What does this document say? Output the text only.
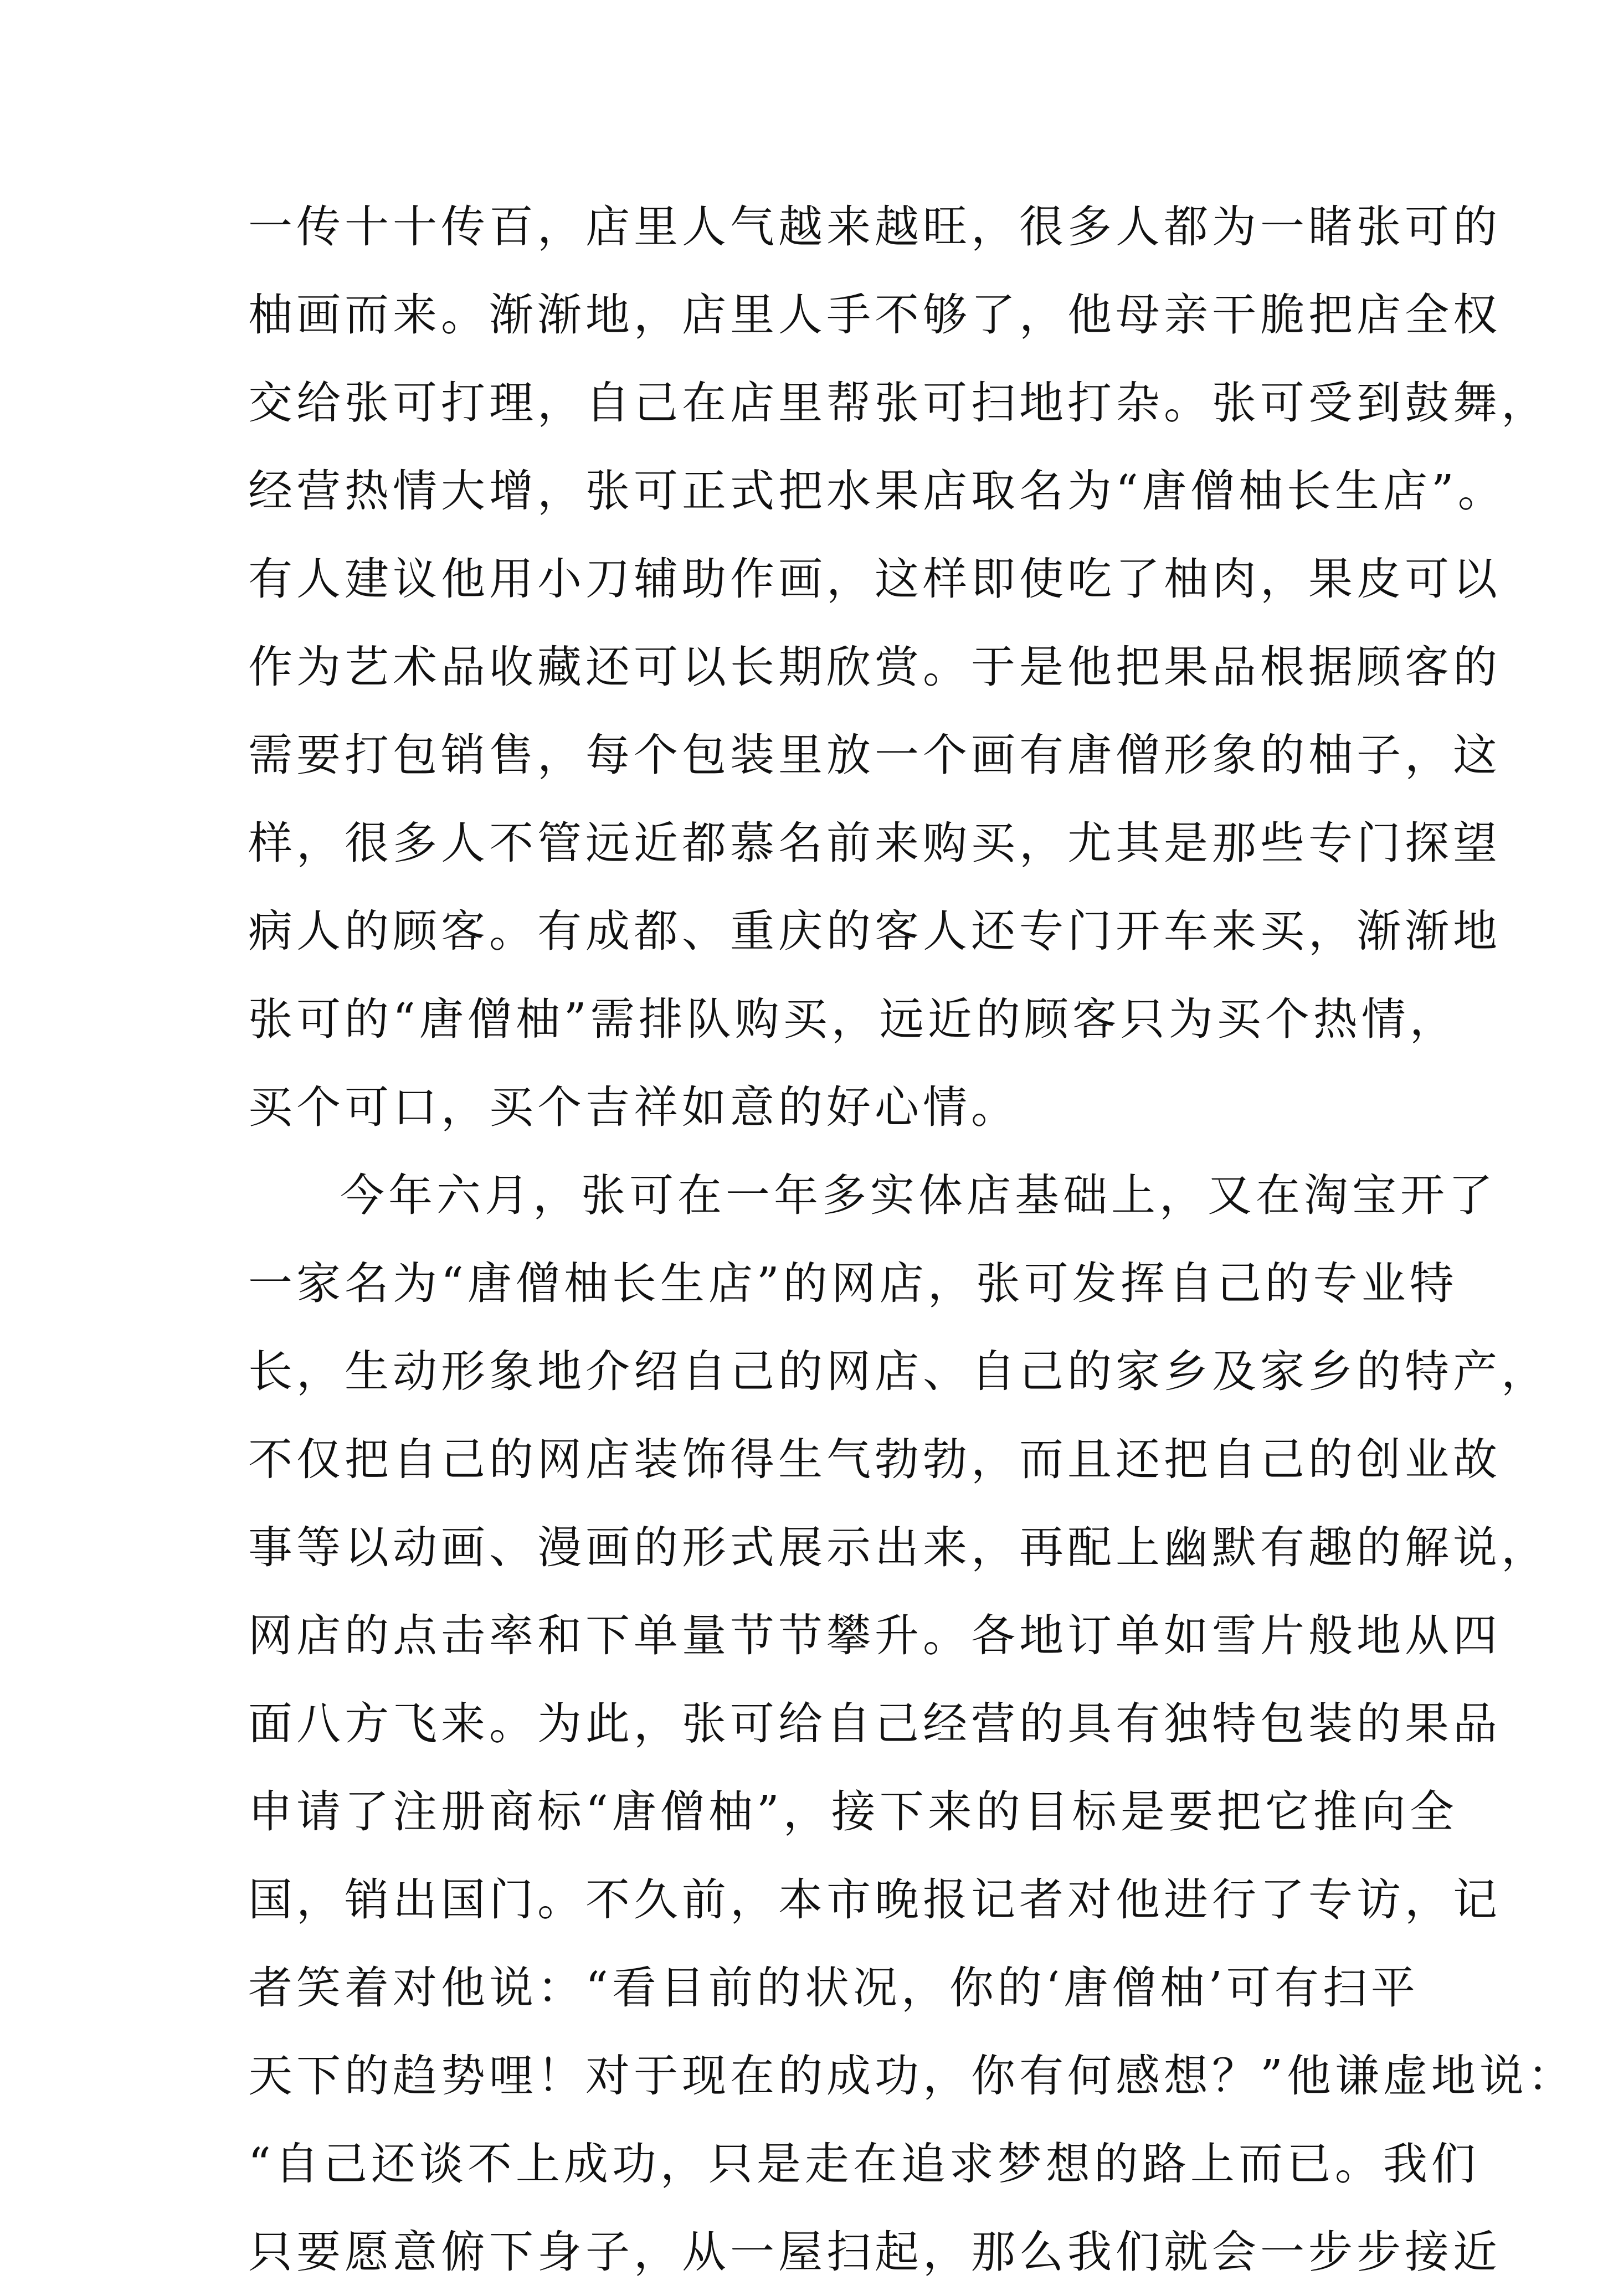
一传十十传百，店里人气越来越旺，很多人都为一睹张可的
柚画而来。渐渐地，店里人手不够了，他母亲干脆把店全权
交给张可打理，自己在店里帮张可扫地打杂。张可受到鼓舞，
经营热情大增，张可正式把水果店取名为“唐僧柚长生店”。
有人建议他用小刀辅助作画，这样即使吃了柚肉，果皮可以
作为艺术品收藏还可以长期欣赏。于是他把果品根据顾客的
需要打包销售，每个包装里放一个画有唐僧形象的柚子，这
样，很多人不管远近都慕名前来购买，尤其是那些专门探望
病人的顾客。有成都、重庆的客人还专门开车来买，渐渐地
张可的“唐僧柚”需排队购买，远近的顾客只为买个热情，
买个可口，买个吉祥如意的好心情。
今年六月，张可在一年多实体店基础上，又在淘宝开了
一家名为“唐僧柚长生店”的网店，张可发挥自己的专业特
长，生动形象地介绍自己的网店、自己的家乡及家乡的特产，
不仅把自己的网店装饰得生气勃勃，而且还把自己的创业故
事等以动画、漫画的形式展示出来，再配上幽默有趣的解说，
网店的点击率和下单量节节攀升。各地订单如雪片般地从四
面八方飞来。为此，张可给自己经营的具有独特包装的果品
申请了注册商标“唐僧柚”，接下来的目标是要把它推向全
国，销出国门。不久前，本市晚报记者对他进行了专访，记
者笑着对他说：“看目前的状况，你的‘唐僧柚’可有扫平
天下的趋势哩！对于现在的成功，你有何感想？”他谦虚地说：
“自己还谈不上成功，只是走在追求梦想的路上而已。我们
只要愿意俯下身子，从一屋扫起，那么我们就会一步步接近
